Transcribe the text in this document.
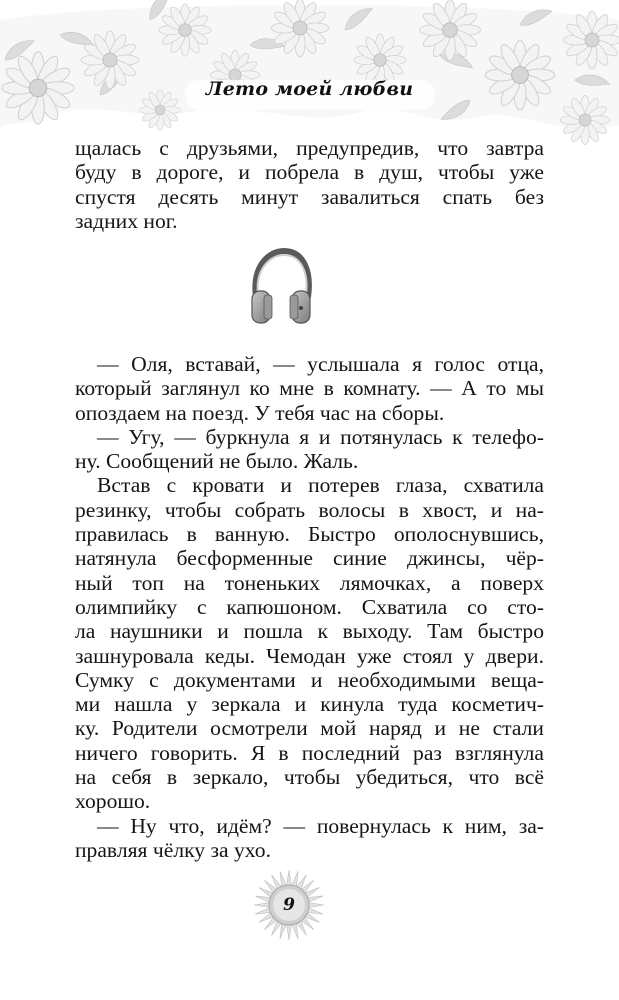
Лето моей любви
щалась с друзьями, предупредив, что завтра
буду в дороге, и побрела в душ, чтобы уже
спустя десять минут завалиться спать без
задних ног.
— Оля, вставай, — услышала я голос отца,
который заглянул ко мне в комнату. — А то мы
опоздаем на поезд. У тебя час на сборы.
— Угу, — буркнула я и потянулась к телефо-
ну. Сообщений не было. Жаль.
Встав с кровати и потерев глаза, схватила
резинку, чтобы собрать волосы в хвост, и на-
правилась в ванную. Быстро ополоснувшись,
натянула бесформенные синие джинсы, чёр-
ный топ на тоненьких лямочках, а поверх
олимпийку с капюшоном. Схватила со сто-
ла наушники и пошла к выходу. Там быстро
зашнуровала кеды. Чемодан уже стоял у двери.
Сумку с документами и необходимыми веща-
ми нашла у зеркала и кинула туда косметич-
ку. Родители осмотрели мой наряд и не стали
ничего говорить. Я в последний раз взглянула
на себя в зеркало, чтобы убедиться, что всё
хорошо.
— Ну что, идём? — повернулась к ним, за-
правляя чёлку за ухо.
9
